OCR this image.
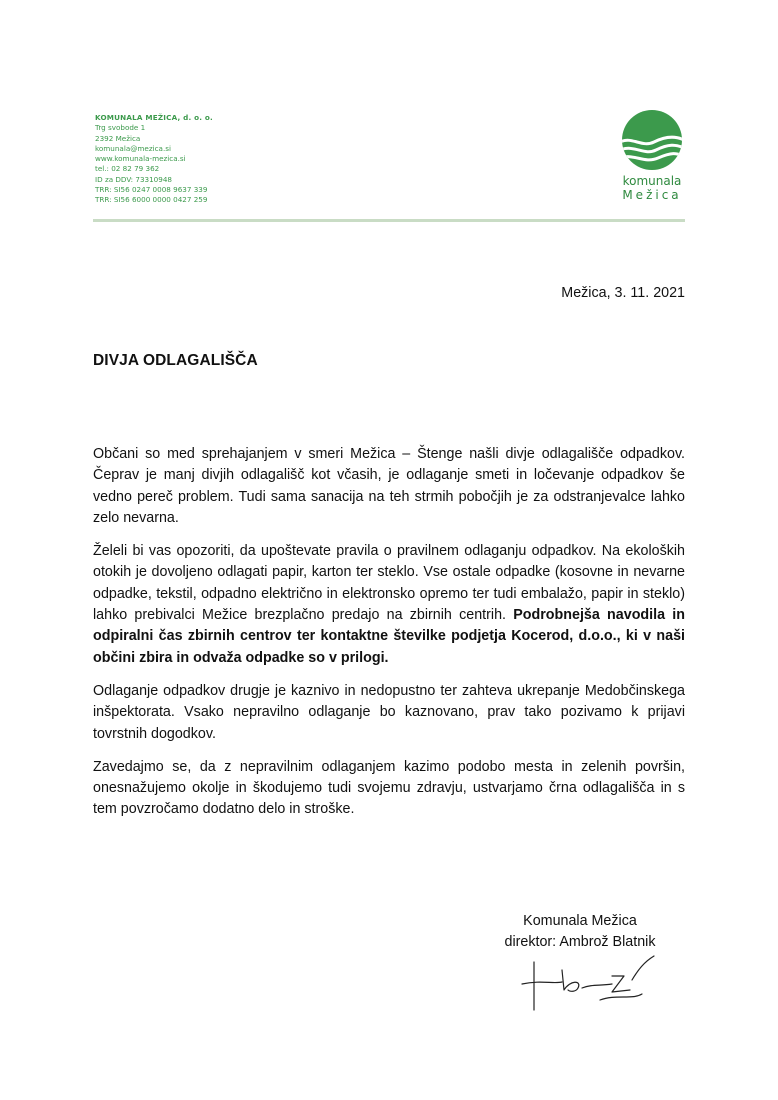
KOMUNALA MEŽICA, d. o. o.
Trg svobode 1
2392 Mežica
komunala@mezica.si
www.komunala-mezica.si
tel.: 02 82 79 362
ID za DDV: 73310948
TRR: SI56 0247 0008 9637 339
TRR: SI56 6000 0000 0427 259
komunala
Mežica
Mežica, 3. 11. 2021
DIVJA ODLAGALIŠČA

Občani so med sprehajanjem v smeri Mežica – Štenge našli divje odlagališče odpadkov. Čeprav je manj divjih odlagališč kot včasih, je odlaganje smeti in ločevanje odpadkov še vedno pereč problem. Tudi sama sanacija na teh strmih pobočjih je za odstranjevalce lahko zelo nevarna.

Želeli bi vas opozoriti, da upoštevate pravila o pravilnem odlaganju odpadkov. Na ekoloških otokih je dovoljeno odlagati papir, karton ter steklo. Vse ostale odpadke (kosovne in nevarne odpadke, tekstil, odpadno električno in elektronsko opremo ter tudi embalažo, papir in steklo) lahko prebivalci Mežice brezplačno predajo na zbirnih centrih. Podrobnejša navodila in odpiralni čas zbirnih centrov ter kontaktne številke podjetja Kocerod, d.o.o., ki v naši občini zbira in odvaža odpadke so v prilogi.

Odlaganje odpadkov drugje je kaznivo in nedopustno ter zahteva ukrepanje Medobčinskega inšpektorata. Vsako nepravilno odlaganje bo kaznovano, prav tako pozivamo k prijavi tovrstnih dogodkov.

Zavedajmo se, da z nepravilnim odlaganjem kazimo podobo mesta in zelenih površin, onesnažujemo okolje in škodujemo tudi svojemu zdravju, ustvarjamo črna odlagališča in s tem povzročamo dodatno delo in stroške.

Komunala Mežica
direktor: Ambrož Blatnik
